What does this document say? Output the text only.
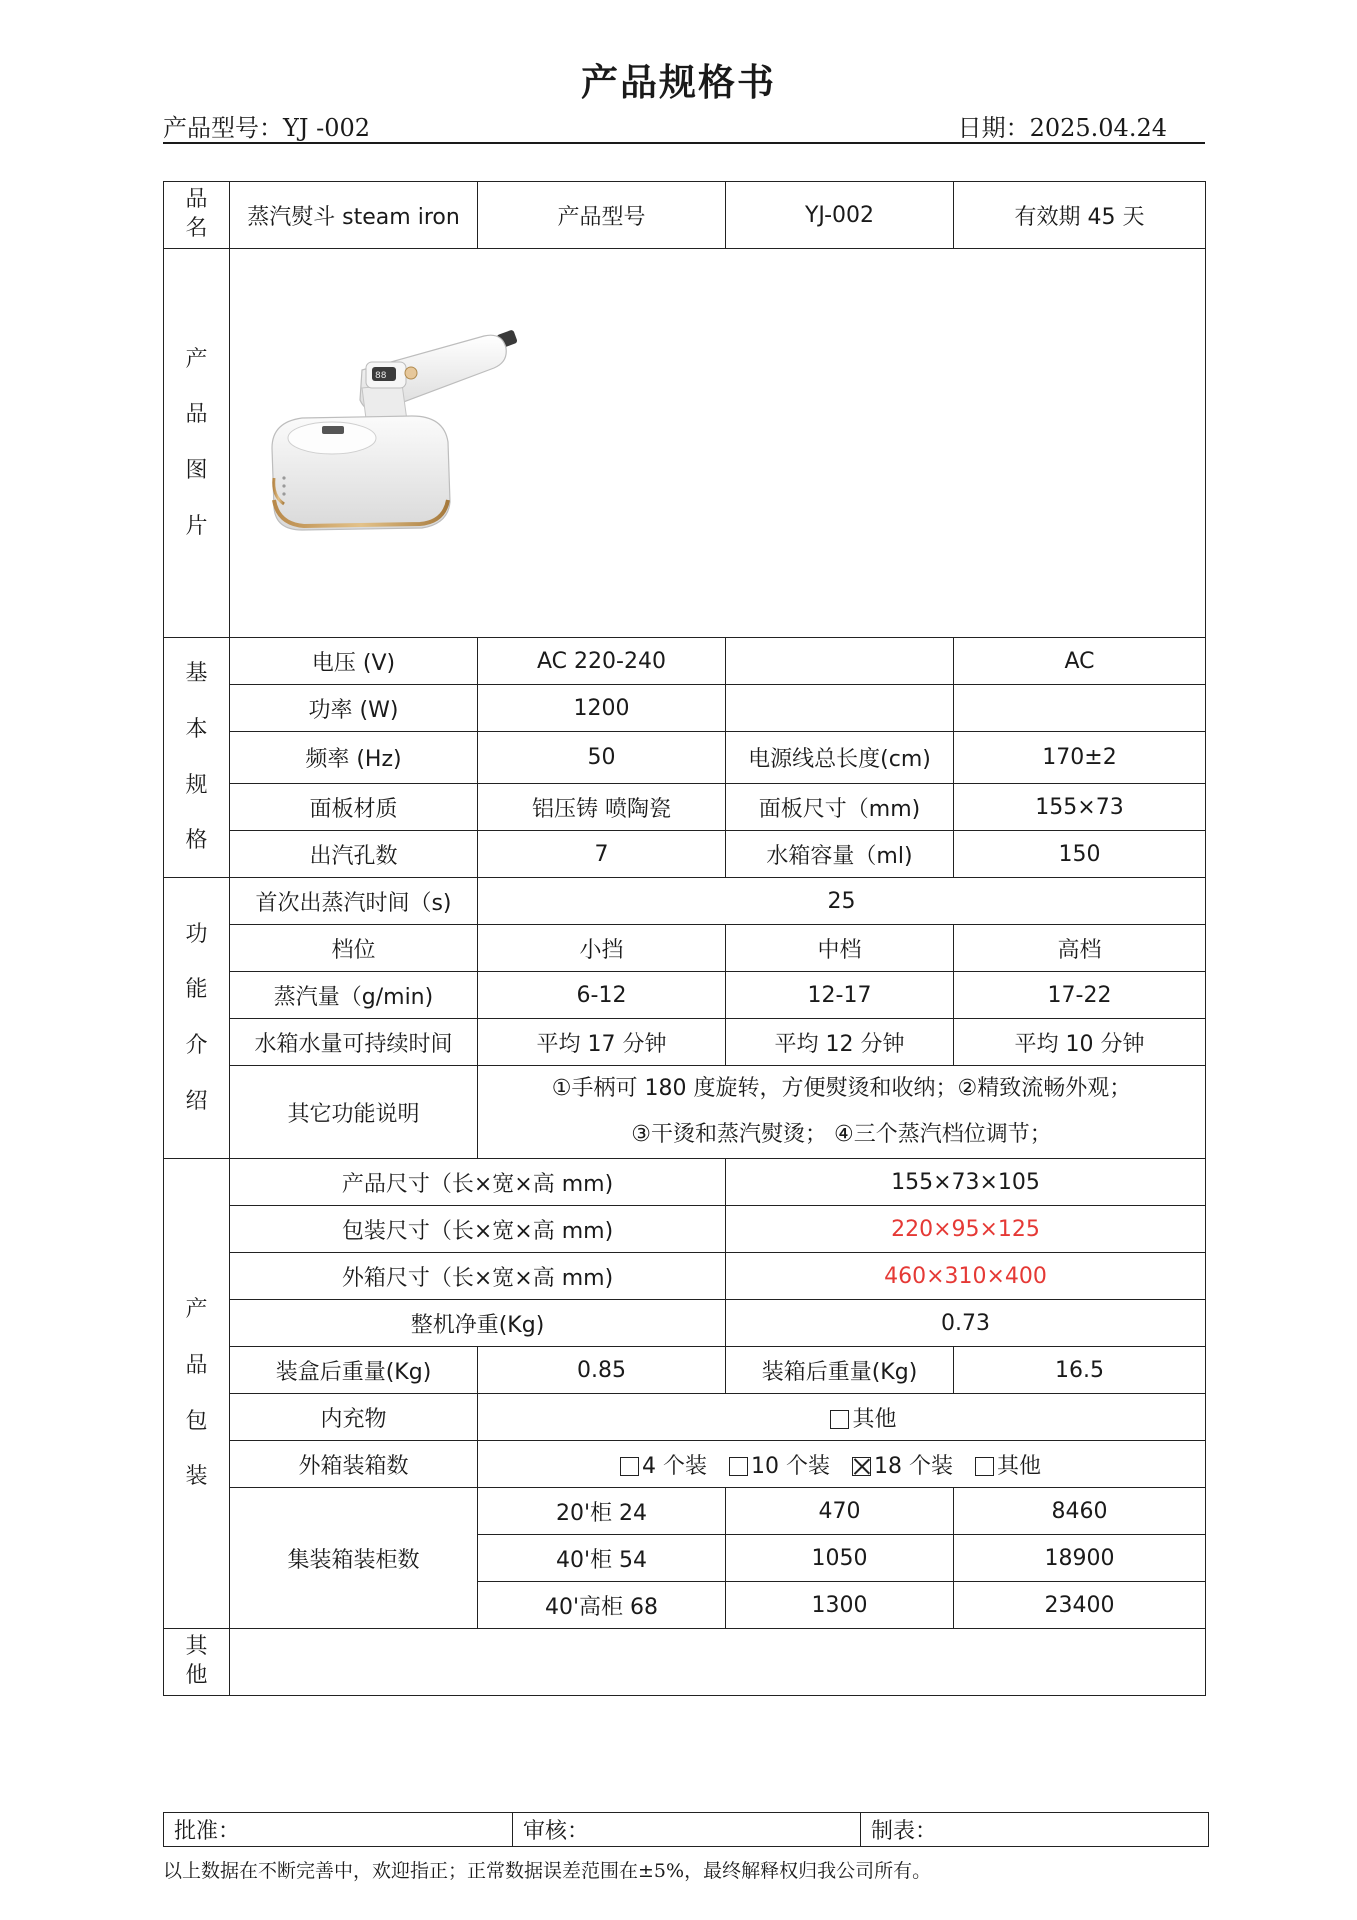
产品规格书
产品型号：YJ -002	日期：2025.04.24
品名	蒸汽熨斗 steam iron	产品型号	YJ-002	有效期 45 天

产
品
图
片				

基
本
规
格	电压 (V)	AC 220-240		AC
	功率 (W)	1200		
	频率 (Hz)	50	电源线总长度(cm)	170±2
	面板材质	铝压铸 喷陶瓷	面板尺寸（mm)	155×73
	出汽孔数	7	水箱容量（ml)	150

功
能
介
绍	首次出蒸汽时间（s)	25		
	档位	小挡	中档	高档
	蒸汽量（g/min)	6-12	12-17	17-22
	水箱水量可持续时间	平均 17 分钟	平均 12 分钟	平均 10 分钟
	其它功能说明	①手柄可 180 度旋转，方便熨烫和收纳；②精致流畅外观；
③干烫和蒸汽熨烫； ④三个蒸汽档位调节；		

产
品
包
装	产品尺寸（长×宽×高 mm)		155×73×105	
	包装尺寸（长×宽×高 mm)		220×95×125	
	外箱尺寸（长×宽×高 mm)		460×310×400	
	整机净重(Kg)		0.73	
	装盒后重量(Kg)	0.85	装箱后重量(Kg)	16.5
	内充物	其他		
	外箱装箱数	4 个装 10 个装 18 个装 其他		
	集装箱装柜数	20'柜 24	470	8460
		40'柜 54	1050	18900
		40'高柜 68	1300	23400

其他				

88
批准：	审核：	制表：
以上数据在不断完善中，欢迎指正；正常数据误差范围在±5%，最终解释权归我公司所有。
